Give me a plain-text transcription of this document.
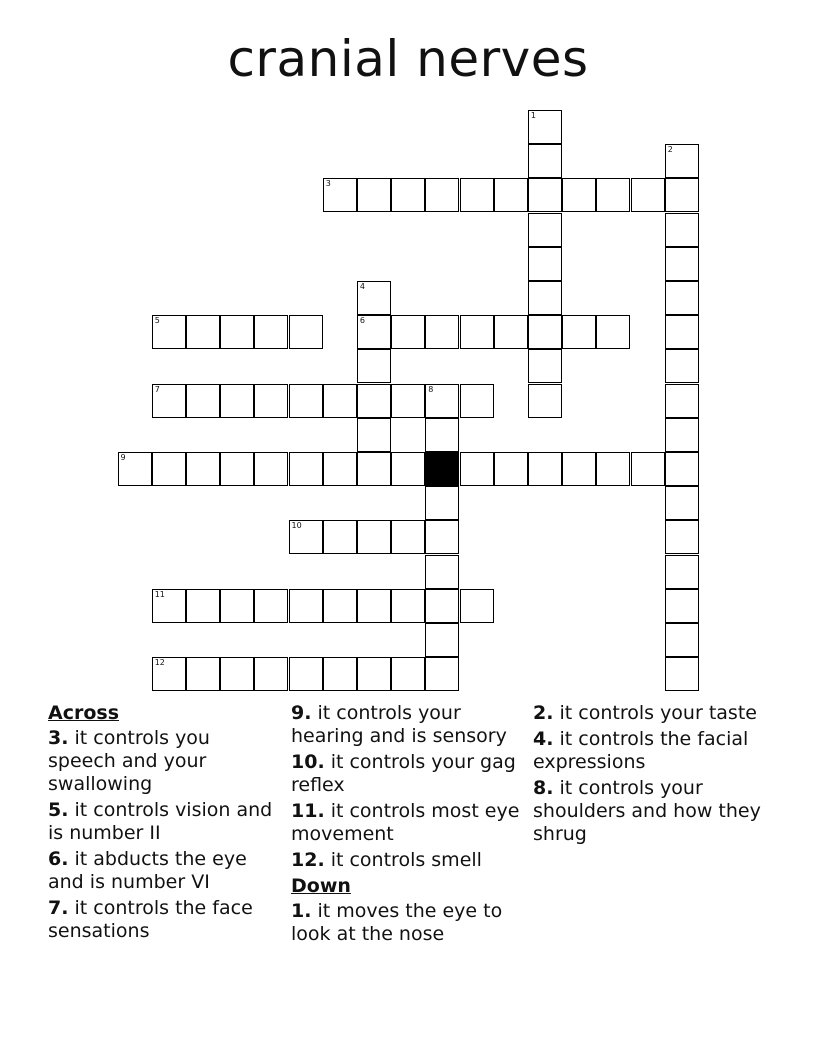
cranial nerves
1
2
3
4
6
5
7	8
9
10
11
12
Across
3. it controls you speech and your swallowing
5. it controls vision and is number II
6. it abducts the eye and is number VI
7. it controls the face sensations
9. it controls your hearing and is sensory
10. it controls your gag reflex
11. it controls most eye movement
12. it controls smell
Down
1. it moves the eye to look at the nose
2. it controls your taste
4. it controls the facial expressions
8. it controls your shoulders and how they shrug
